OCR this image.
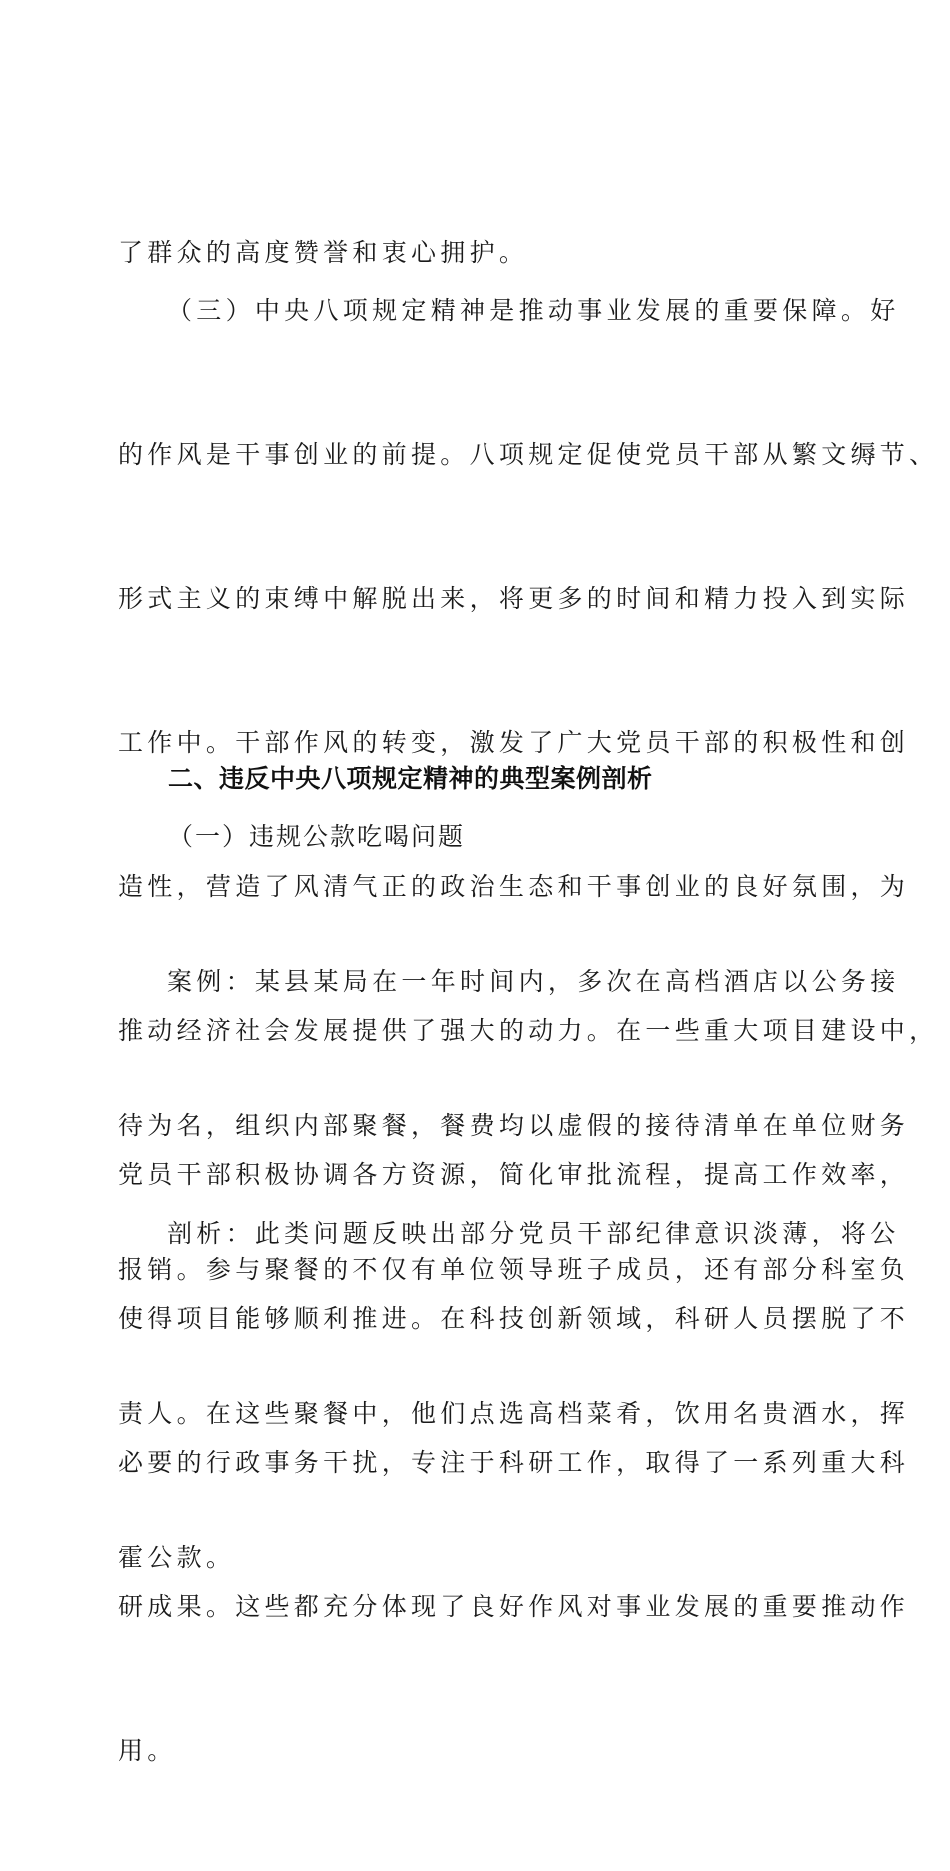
了群众的高度赞誉和衷心拥护。

（三）中央八项规定精神是推动事业发展的重要保障。好

的作风是干事创业的前提。八项规定促使党员干部从繁文缛节、

形式主义的束缚中解脱出来，将更多的时间和精力投入到实际

工作中。干部作风的转变，激发了广大党员干部的积极性和创

造性，营造了风清气正的政治生态和干事创业的良好氛围，为

推动经济社会发展提供了强大的动力。在一些重大项目建设中，

党员干部积极协调各方资源，简化审批流程，提高工作效率，

使得项目能够顺利推进。在科技创新领域，科研人员摆脱了不

必要的行政事务干扰，专注于科研工作，取得了一系列重大科

研成果。这些都充分体现了良好作风对事业发展的重要推动作

用。

二、违反中央八项规定精神的典型案例剖析
（一）违规公款吃喝问题

案例：某县某局在一年时间内，多次在高档酒店以公务接

待为名，组织内部聚餐，餐费均以虚假的接待清单在单位财务

报销。参与聚餐的不仅有单位领导班子成员，还有部分科室负

责人。在这些聚餐中，他们点选高档菜肴，饮用名贵酒水，挥

霍公款。

剖析：此类问题反映出部分党员干部纪律意识淡薄，将公
